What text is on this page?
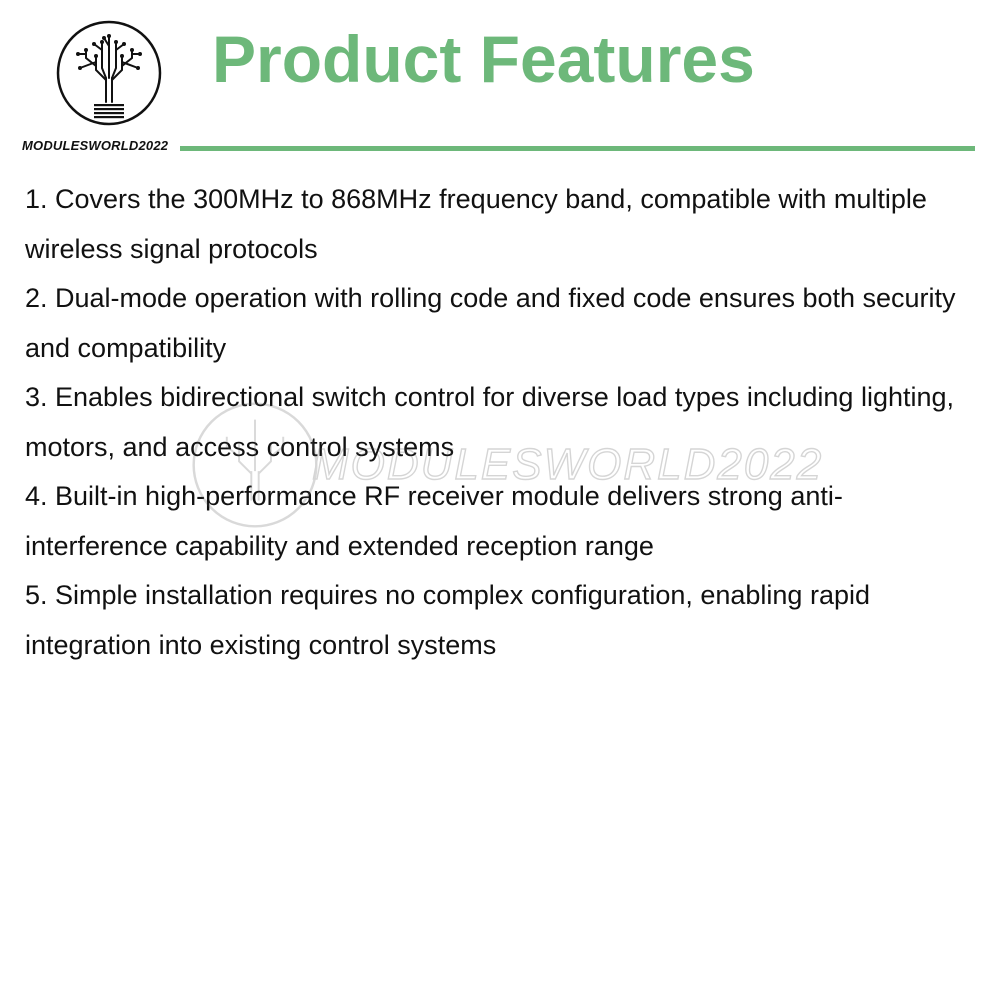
MODULESWORLD2022
Product Features
1. Covers the 300MHz to 868MHz frequency band, compatible with multiple wireless signal protocols
2. Dual-mode operation with rolling code and fixed code ensures both security and compatibility
3. Enables bidirectional switch control for diverse load types including lighting, motors, and access control systems
4. Built-in high-performance RF receiver module delivers strong anti-interference capability and extended reception range
5. Simple installation requires no complex configuration, enabling rapid integration into existing control systems
MODULESWORLD2022
